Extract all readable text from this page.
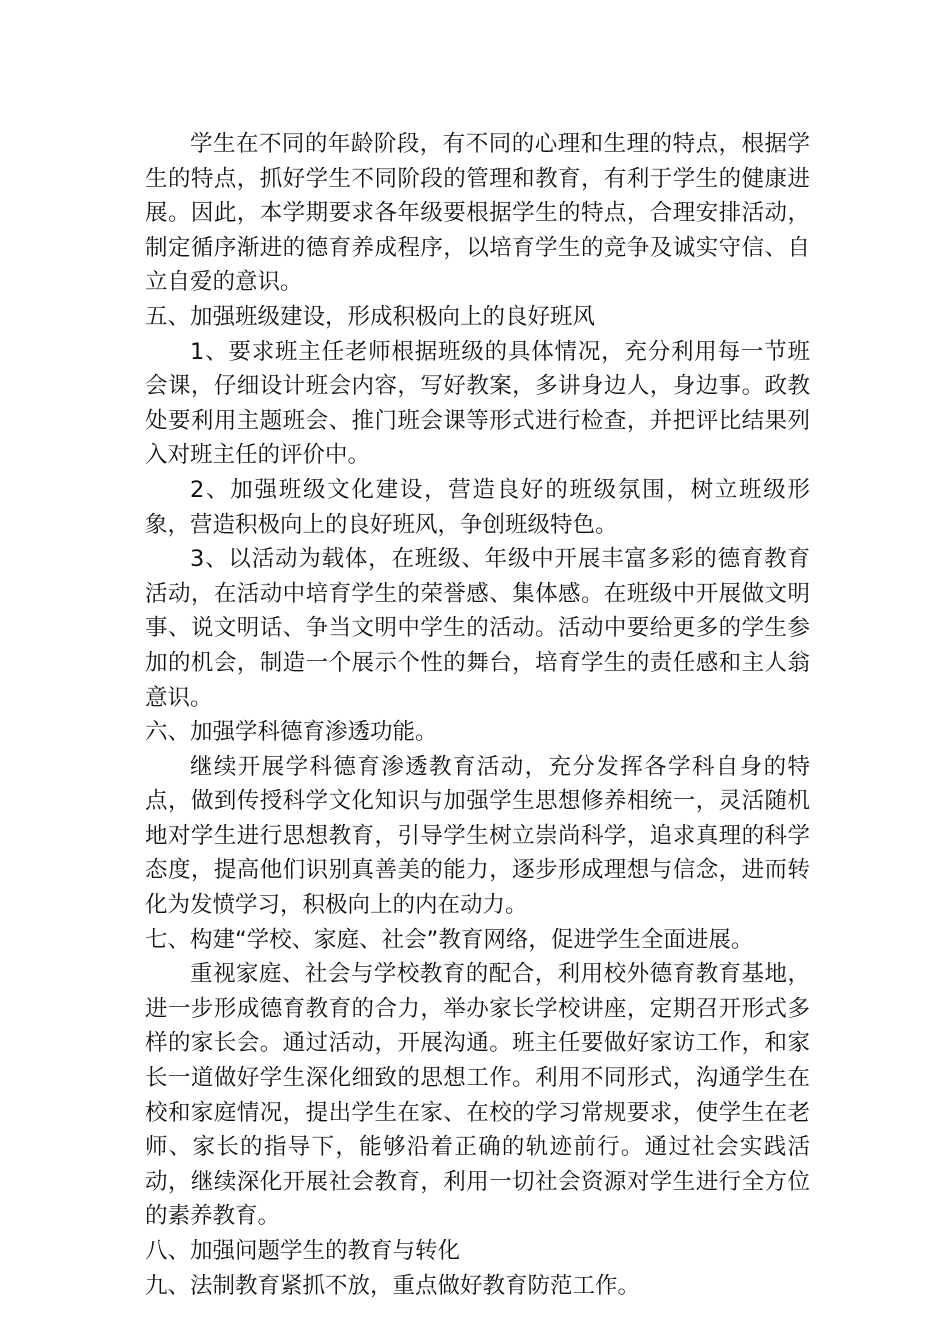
学生在不同的年龄阶段，有不同的心理和生理的特点，根据学生的特点，抓好学生不同阶段的管理和教育，有利于学生的健康进展。因此，本学期要求各年级要根据学生的特点，合理安排活动，制定循序渐进的德育养成程序，以培育学生的竞争及诚实守信、自立自爱的意识。

五、加强班级建设，形成积极向上的良好班风

1、要求班主任老师根据班级的具体情况，充分利用每一节班会课，仔细设计班会内容，写好教案，多讲身边人，身边事。政教处要利用主题班会、推门班会课等形式进行检查，并把评比结果列入对班主任的评价中。

2、加强班级文化建设，营造良好的班级氛围，树立班级形象，营造积极向上的良好班风，争创班级特色。

3、以活动为载体，在班级、年级中开展丰富多彩的德育教育活动，在活动中培育学生的荣誉感、集体感。在班级中开展做文明事、说文明话、争当文明中学生的活动。活动中要给更多的学生参加的机会，制造一个展示个性的舞台，培育学生的责任感和主人翁意识。

六、加强学科德育渗透功能。

继续开展学科德育渗透教育活动，充分发挥各学科自身的特点，做到传授科学文化知识与加强学生思想修养相统一，灵活随机地对学生进行思想教育，引导学生树立崇尚科学，追求真理的科学态度，提高他们识别真善美的能力，逐步形成理想与信念，进而转化为发愤学习，积极向上的内在动力。

七、构建“学校、家庭、社会”教育网络，促进学生全面进展。

重视家庭、社会与学校教育的配合，利用校外德育教育基地，进一步形成德育教育的合力，举办家长学校讲座，定期召开形式多样的家长会。通过活动，开展沟通。班主任要做好家访工作，和家长一道做好学生深化细致的思想工作。利用不同形式，沟通学生在校和家庭情况，提出学生在家、在校的学习常规要求，使学生在老师、家长的指导下，能够沿着正确的轨迹前行。通过社会实践活动，继续深化开展社会教育，利用一切社会资源对学生进行全方位的素养教育。

八、加强问题学生的教育与转化

九、法制教育紧抓不放，重点做好教育防范工作。
